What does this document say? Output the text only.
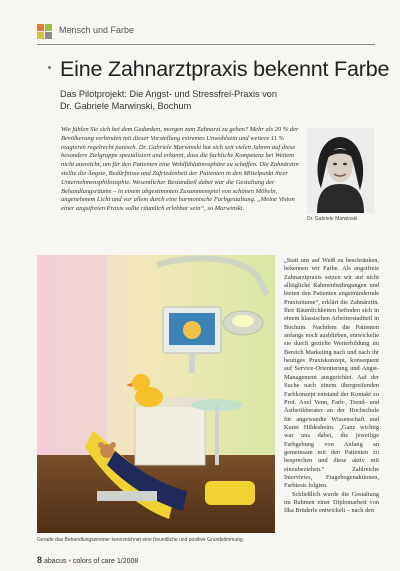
Mensch und Farbe
Eine Zahnarztpraxis bekennt Farbe
Das Pilotprojekt: Die Angst- und Stressfrei-Praxis von
Dr. Gabriele Marwinski, Bochum

Wie fühlen Sie sich bei dem Gedanken, morgen zum Zahnarzt zu gehen? Mehr als 20 % der Bevölkerung verbinden mit dieser Vorstellung extremes Unwohlsein und weitere 11 % reagieren regelrecht panisch. Dr. Gabriele Marwinski hat sich seit vielen Jahren auf diese besondere Zielgruppe spezialisiert und erkannt, dass die fachliche Kompetenz bei Weitem nicht ausreicht, um für den Patienten eine Wohlfühlatmosphäre zu schaffen. Die Zahnärztin stellte die Ängste, Bedürfnisse und Zufriedenheit der Patienten in den Mittelpunkt ihrer Unternehmensphilosophie. Wesentlicher Bestandteil dabei war die Gestaltung der Behandlungsräume – in einem abgestimmten Zusammenspiel von schönen Möbeln, angenehmem Licht und vor allem durch eine harmonische Farbgestaltung. „Meine Vision einer angstfreien Praxis sollte räumlich erlebbar sein“, so Marwinski.

Dr. Gabriele Marwinski
Gerade das Behandlungszimmer kennzeichnet eine freundliche und positive Grundstimmung.

„Statt uns auf Weiß zu beschränken, bekennen wir Farbe. Als angstfreie Zahnarztpraxis setzen wir auf nicht alltägliche Rahmenbedingungen und bieten den Patienten angstmindernde Praxisräume“, erklärt die Zahnärztin. Ihre Räumlichkeiten befinden sich in einem klassischen Arbeiterstadtteil in Bochum. Nachdem die Patienten anfangs noch ausblieben, entwickelte sie durch gezielte Weiterbildung im Bereich Marketing nach und nach ihr heutiges Praxiskonzept, konsequent auf Service-Orientierung und Angst-Management ausgerichtet. Auf der Suche nach einem übergreifenden Farbkonzept entstand der Kontakt zu Prof. Axel Venn, Farb-, Trend- und Ästhetikberater an der Hochschule für angewandte Wissenschaft und Kunst Hildesheim. „Ganz wichtig war uns dabei, die jeweilige Farbgebung von Anfang an gemeinsam mit den Patienten zu besprechen und diese aktiv mit einzubeziehen.“ Zahlreiche Interviews, Fragebogenaktionen, Farbtests folgten.

Schließlich wurde die Gestaltung im Rahmen einer Diplomarbeit von Ilka Brüderle entwickelt – nach den

8 abacus • colors of care 1/2008
